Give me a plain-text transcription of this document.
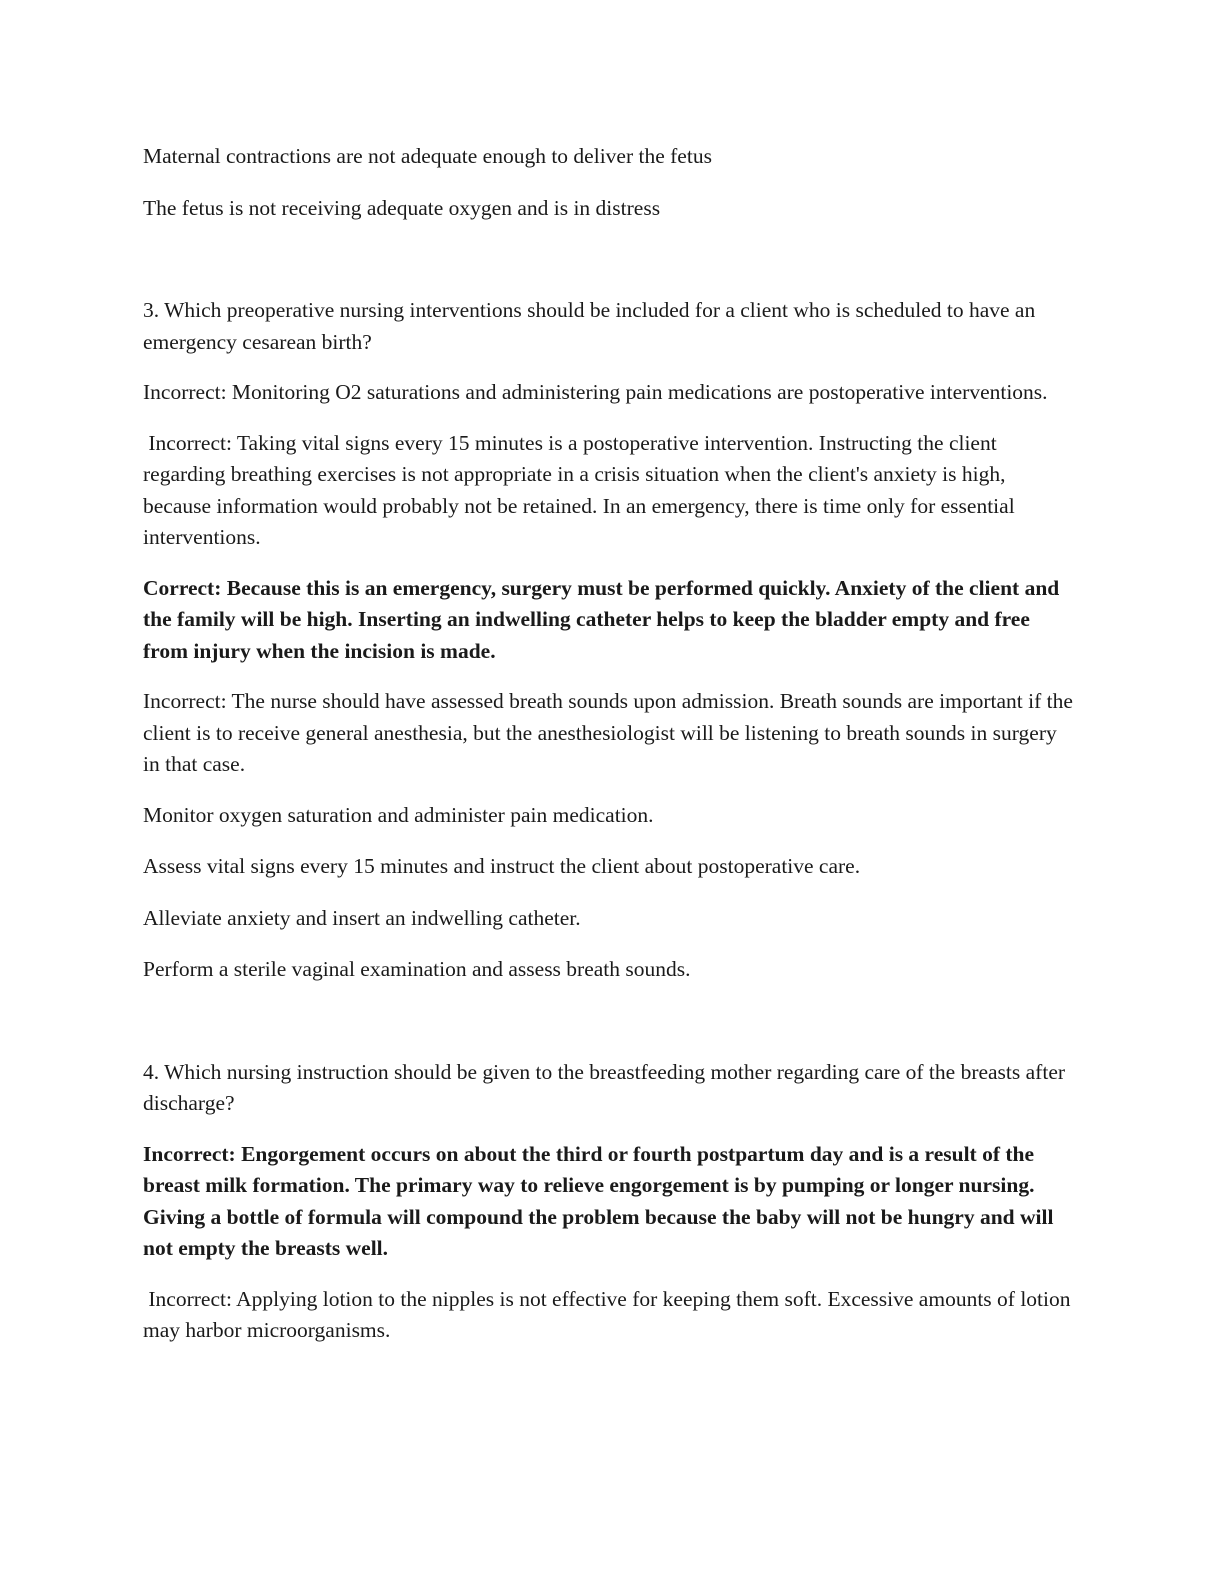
Maternal contractions are not adequate enough to deliver the fetus

The fetus is not receiving adequate oxygen and is in distress

3. Which preoperative nursing interventions should be included for a client who is scheduled to have an emergency cesarean birth?

Incorrect: Monitoring O2 saturations and administering pain medications are postoperative interventions.

Incorrect: Taking vital signs every 15 minutes is a postoperative intervention. Instructing the client regarding breathing exercises is not appropriate in a crisis situation when the client's anxiety is high, because information would probably not be retained. In an emergency, there is time only for essential interventions.

Correct: Because this is an emergency, surgery must be performed quickly. Anxiety of the client and the family will be high. Inserting an indwelling catheter helps to keep the bladder empty and free from injury when the incision is made.

Incorrect: The nurse should have assessed breath sounds upon admission. Breath sounds are important if the client is to receive general anesthesia, but the anesthesiologist will be listening to breath sounds in surgery in that case.

Monitor oxygen saturation and administer pain medication.

Assess vital signs every 15 minutes and instruct the client about postoperative care.

Alleviate anxiety and insert an indwelling catheter.

Perform a sterile vaginal examination and assess breath sounds.

4. Which nursing instruction should be given to the breastfeeding mother regarding care of the breasts after discharge?

Incorrect: Engorgement occurs on about the third or fourth postpartum day and is a result of the breast milk formation. The primary way to relieve engorgement is by pumping or longer nursing. Giving a bottle of formula will compound the problem because the baby will not be hungry and will not empty the breasts well.

Incorrect: Applying lotion to the nipples is not effective for keeping them soft. Excessive amounts of lotion may harbor microorganisms.
